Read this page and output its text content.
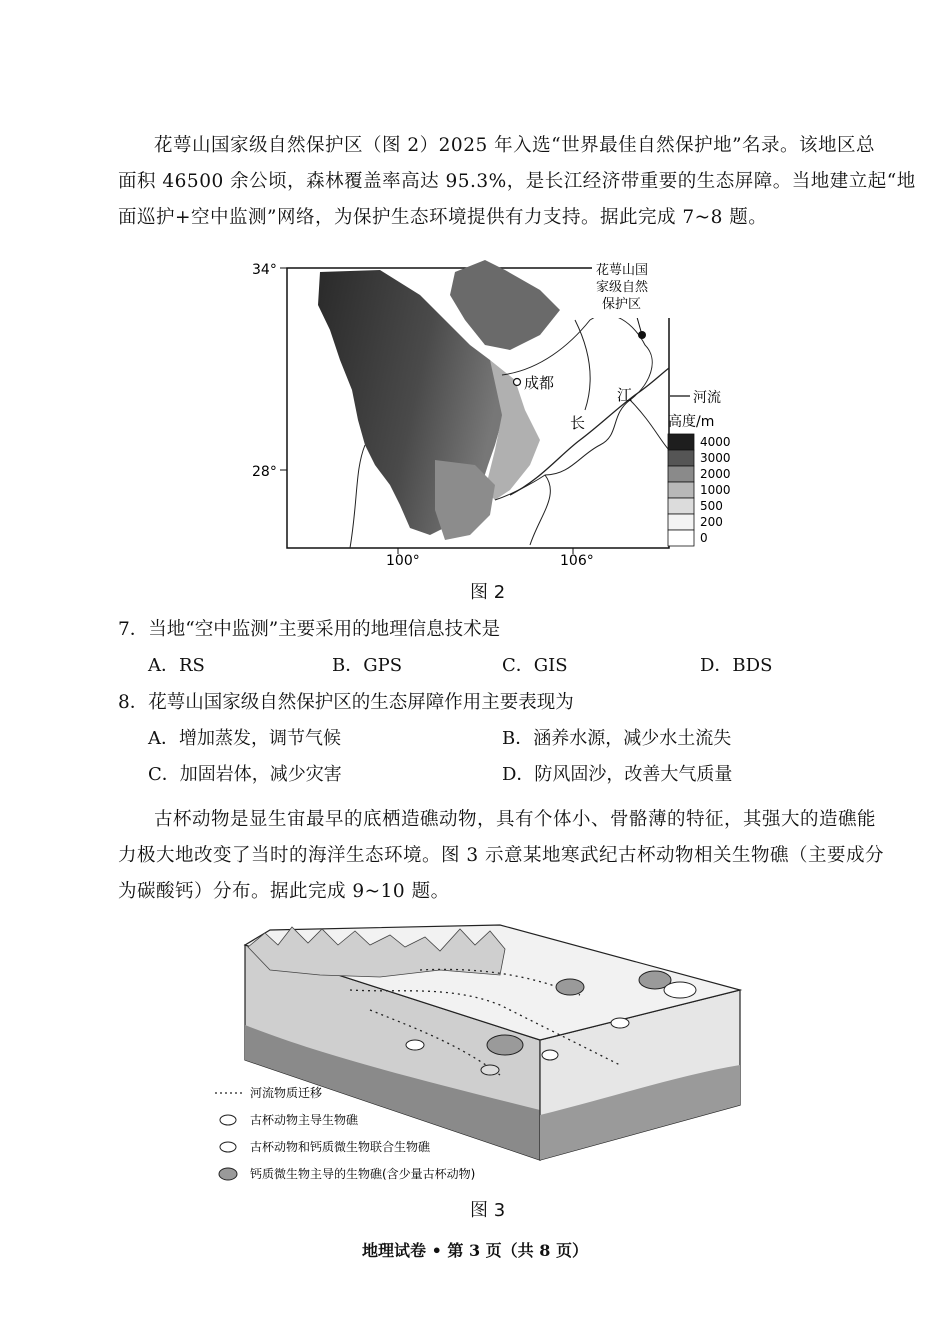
花萼山国家级自然保护区（图 2）2025 年入选“世界最佳自然保护地”名录。该地区总
面积 46500 余公顷，森林覆盖率高达 95.3%，是长江经济带重要的生态屏障。当地建立起“地
面巡护+空中监测”网络，为保护生态环境提供有力支持。据此完成 7~8 题。
成都
江
长
花萼山国
家级自然
保护区
34°
28°
100°	106°
河流
高度/m
4000
3000
2000
1000
500
200
0
图 2
7．当地“空中监测”主要采用的地理信息技术是
A．RS	B．GPS	C．GIS	D．BDS
8．花萼山国家级自然保护区的生态屏障作用主要表现为
A．增加蒸发，调节气候	B．涵养水源，减少水土流失
C．加固岩体，减少灾害	D．防风固沙，改善大气质量
古杯动物是显生宙最早的底栖造礁动物，具有个体小、骨骼薄的特征，其强大的造礁能
力极大地改变了当时的海洋生态环境。图 3 示意某地寒武纪古杯动物相关生物礁（主要成分
为碳酸钙）分布。据此完成 9~10 题。
河流物质迁移
古杯动物主导生物礁
古杯动物和钙质微生物联合生物礁
钙质微生物主导的生物礁(含少量古杯动物)
图 3
地理试卷 • 第 3 页（共 8 页）
